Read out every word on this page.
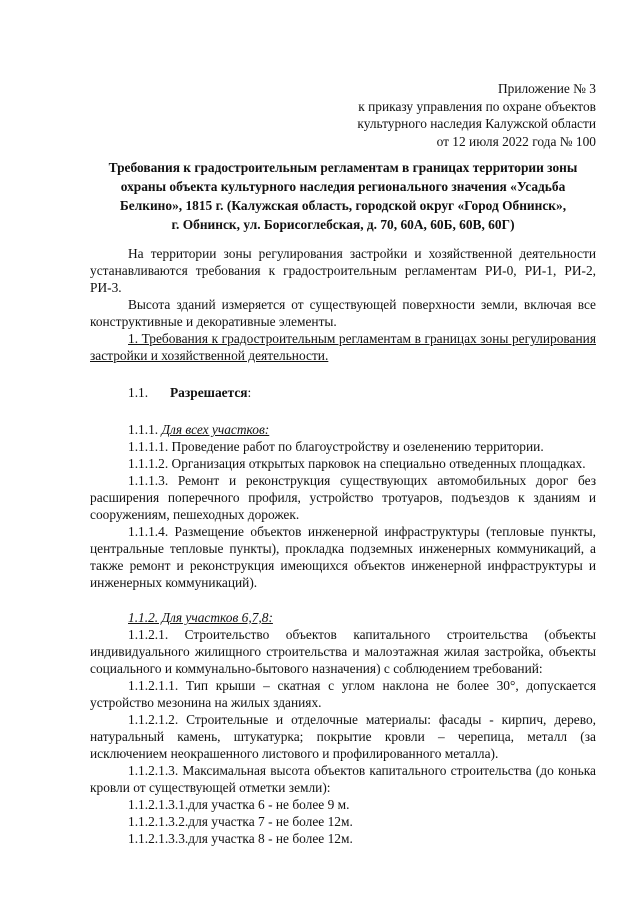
Приложение № 3
к приказу управления по охране объектов
культурного наследия Калужской области
от 12 июля 2022 года № 100
Требования к градостроительным регламентам в границах территории зоны
охраны объекта культурного наследия регионального значения «Усадьба
Белкино», 1815 г. (Калужская область, городской округ «Город Обнинск»,
г. Обнинск, ул. Борисоглебская, д. 70, 60А, 60Б, 60В, 60Г)

На территории зоны регулирования застройки и хозяйственной деятельности устанавливаются требования к градостроительным регламентам РИ-0, РИ-1, РИ-2, РИ-3.

Высота зданий измеряется от существующей поверхности земли, включая все конструктивные и декоративные элементы.

1. Требования к градостроительным регламентам в границах зоны регулирования застройки и хозяйственной деятельности.

1.1. Разрешается:

1.1.1. Для всех участков:

1.1.1.1. Проведение работ по благоустройству и озеленению территории.

1.1.1.2. Организация открытых парковок на специально отведенных площадках.

1.1.1.3. Ремонт и реконструкция существующих автомобильных дорог без расширения поперечного профиля, устройство тротуаров, подъездов к зданиям и сооружениям, пешеходных дорожек.

1.1.1.4. Размещение объектов инженерной инфраструктуры (тепловые пункты, центральные тепловые пункты), прокладка подземных инженерных коммуникаций, а также ремонт и реконструкция имеющихся объектов инженерной инфраструктуры и инженерных коммуникаций).

1.1.2. Для участков 6,7,8:

1.1.2.1. Строительство объектов капитального строительства (объекты индивидуального жилищного строительства и малоэтажная жилая застройка, объекты социального и коммунально-бытового назначения) с соблюдением требований:

1.1.2.1.1. Тип крыши – скатная с углом наклона не более 30°, допускается устройство мезонина на жилых зданиях.

1.1.2.1.2. Строительные и отделочные материалы: фасады - кирпич, дерево, натуральный камень, штукатурка; покрытие кровли – черепица, металл (за исключением неокрашенного листового и профилированного металла).

1.1.2.1.3. Максимальная высота объектов капитального строительства (до конька кровли от существующей отметки земли):

1.1.2.1.3.1.для участка 6 - не более 9 м.

1.1.2.1.3.2.для участка 7 - не более 12м.

1.1.2.1.3.3.для участка 8 - не более 12м.
